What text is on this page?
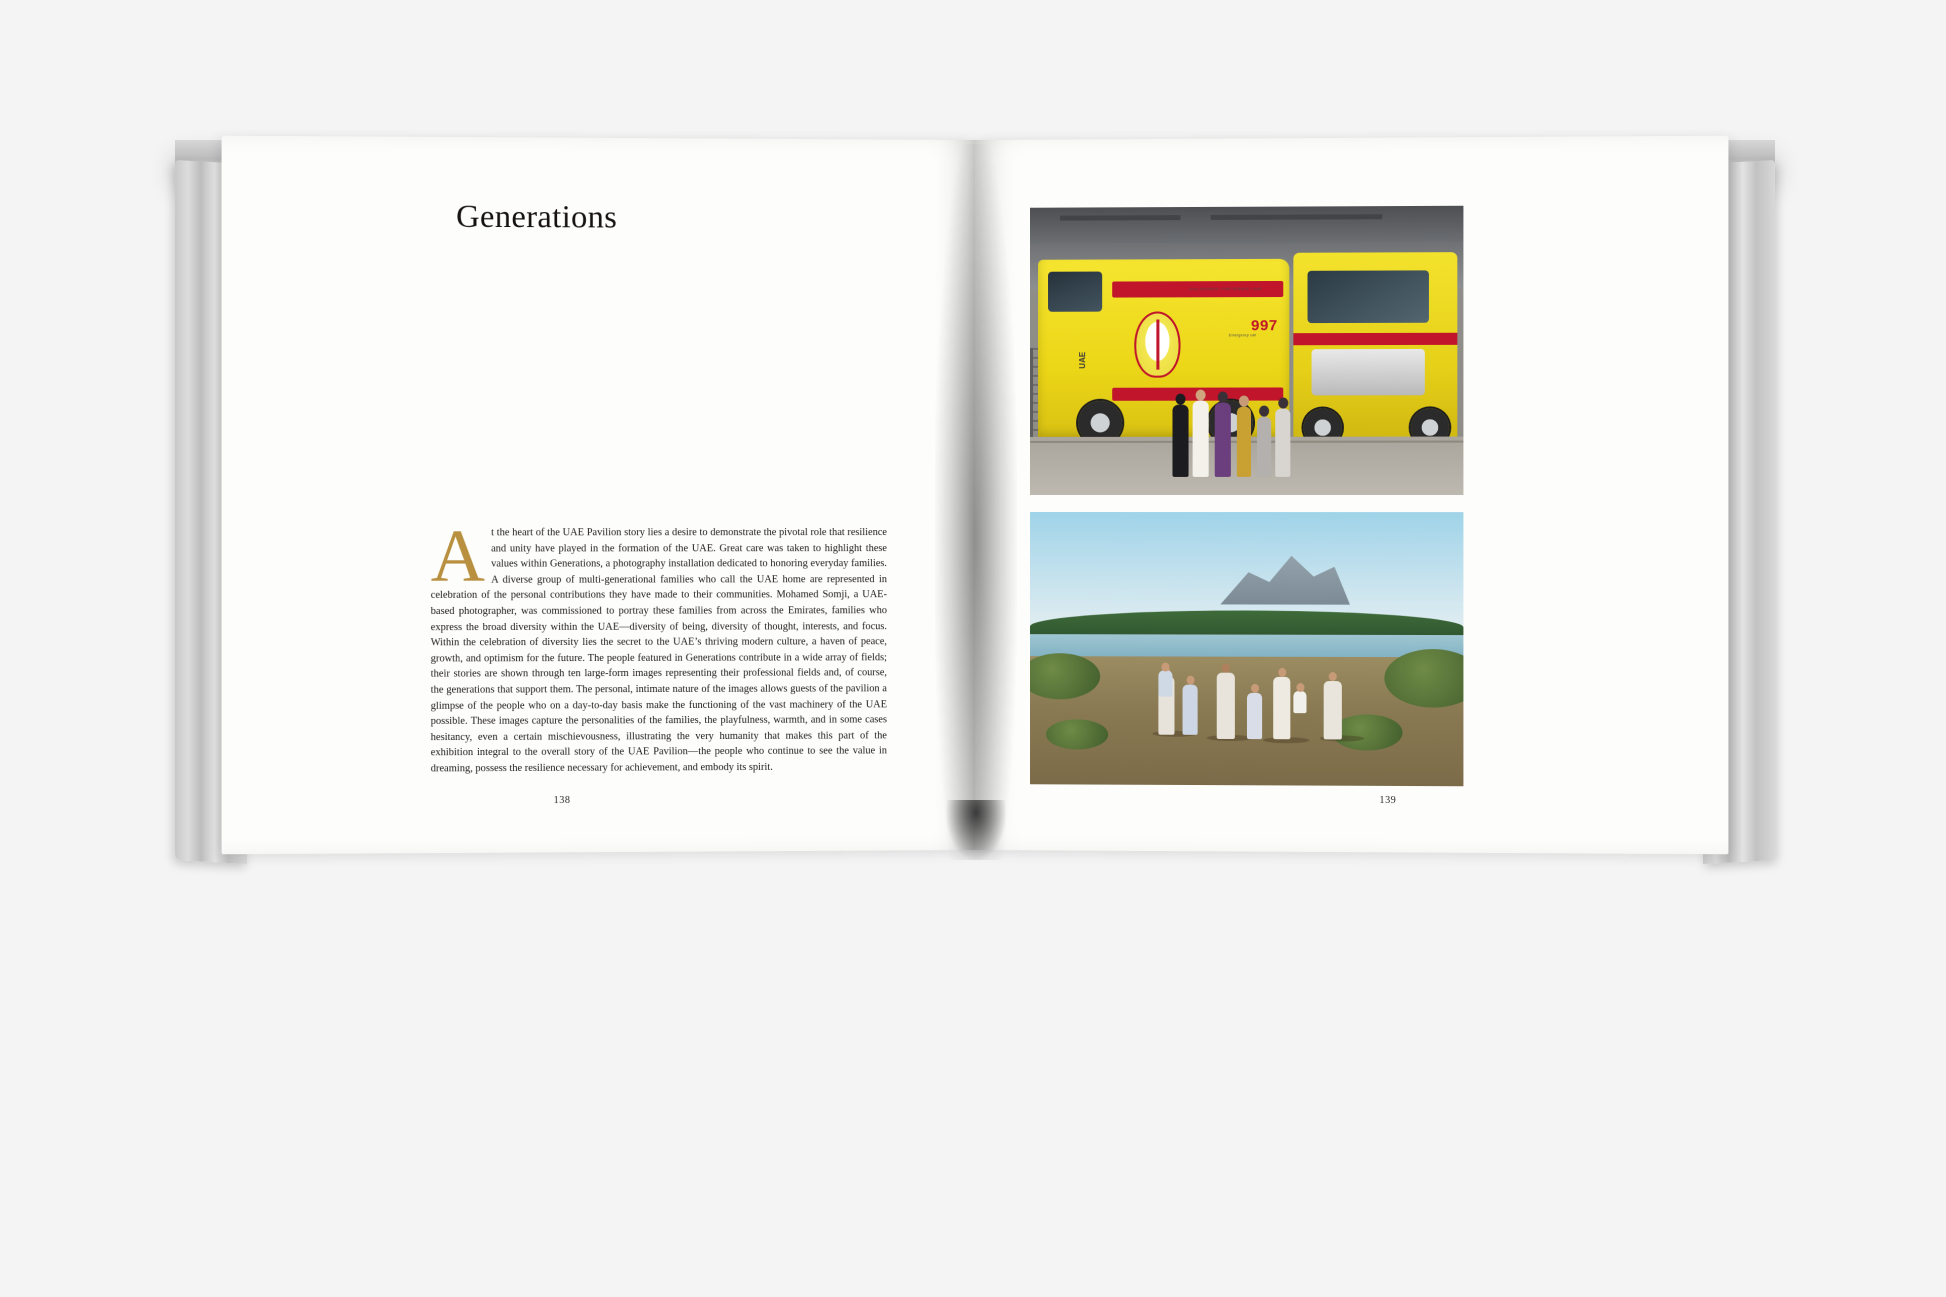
Generations
At the heart of the UAE Pavilion story lies a desire to demonstrate the pivotal role that resilience and unity have played in the formation of the UAE. Great care was taken to highlight these values within Generations, a photography installation dedicated to honoring everyday families. A diverse group of multi-generational families who call the UAE home are represented in celebration of the personal contributions they have made to their communities. Mohamed Somji, a UAE-based photographer, was commissioned to portray these families from across the Emirates, families who express the broad diversity within the UAE—diversity of being, diversity of thought, interests, and focus. Within the celebration of diversity lies the secret to the UAE’s thriving modern culture, a haven of peace, growth, and optimism for the future. The people featured in Generations contribute in a wide array of fields; their stories are shown through ten large-form images representing their professional fields and, of course, the generations that support them. The personal, intimate nature of the images allows guests of the pavilion a glimpse of the people who on a day-to-day basis make the functioning of the vast machinery of the UAE possible. These images capture the personalities of the families, the playfulness, warmth, and in some cases hesitancy, even a certain mischievousness, illustrating the very humanity that makes this part of the exhibition integral to the overall story of the UAE Pavilion—the people who continue to see the value in dreaming, possess the resilience necessary for achievement, and embody its spirit.
138
UAE
997
CIVIL DEFENCE • FIRE SERVICE • UAE
Emergency call
139
